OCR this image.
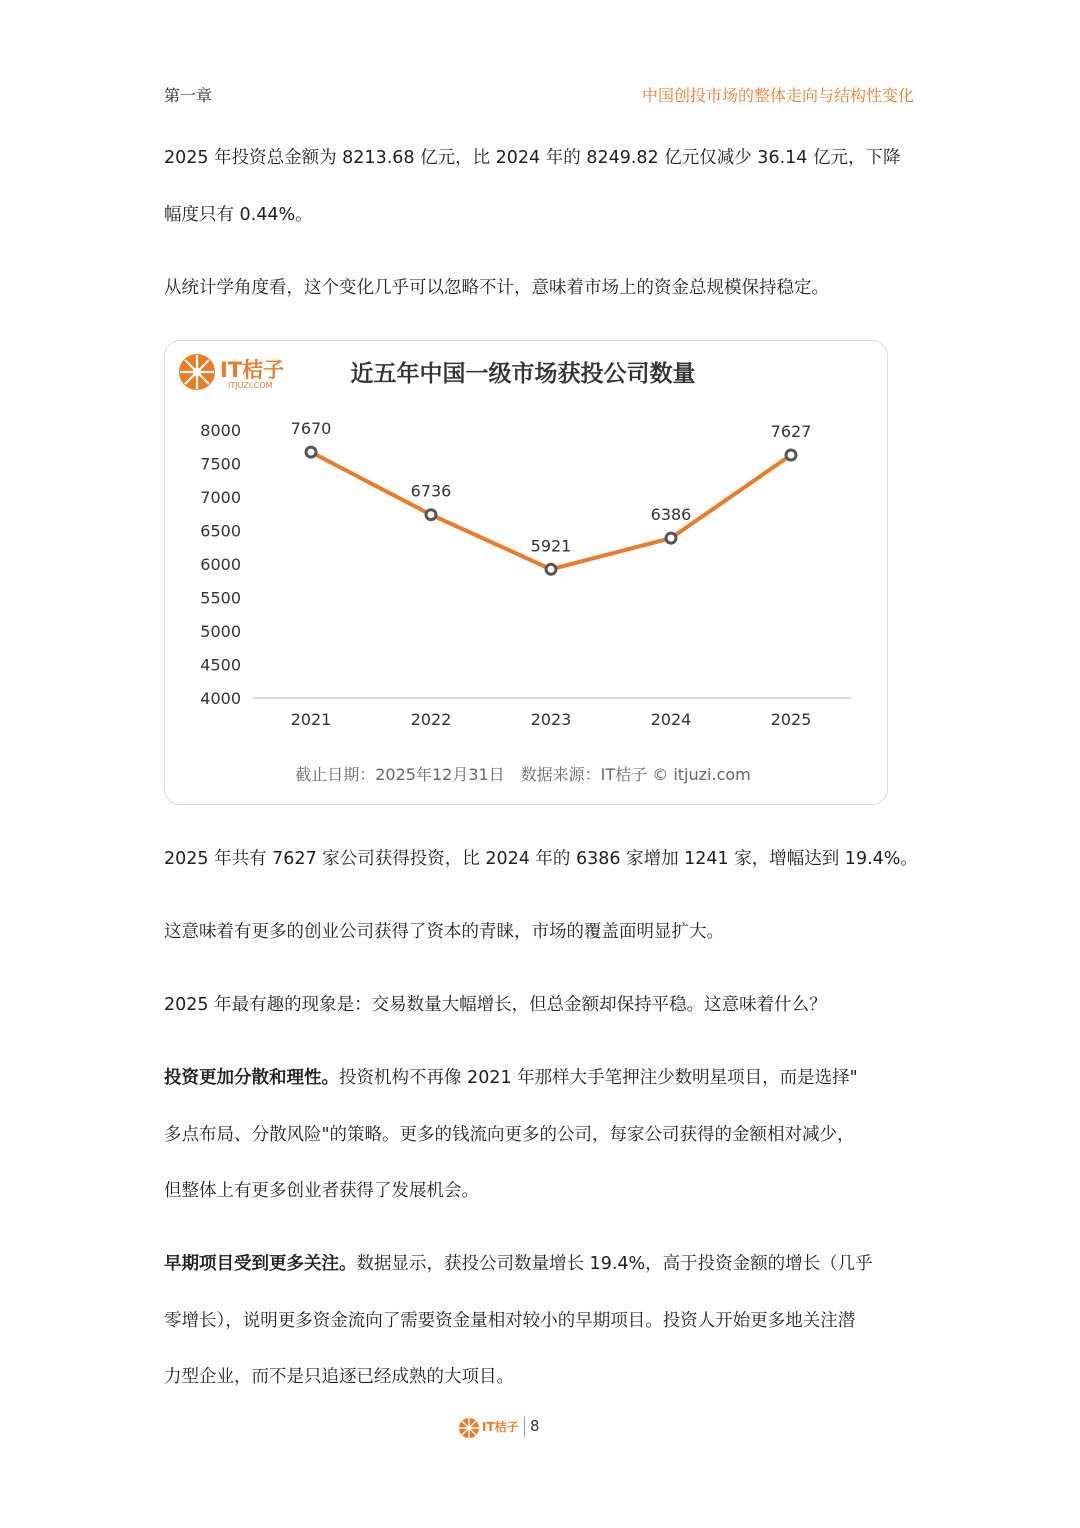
第一章	中国创投市场的整体走向与结构性变化
2025 年投资总金额为 8213.68 亿元，比 2024 年的 8249.82 亿元仅减少 36.14 亿元，下降
幅度只有 0.44%。
从统计学角度看，这个变化几乎可以忽略不计，意味着市场上的资金总规模保持稳定。
IT桔子
ITJUZI.COM	近五年中国一级市场获投公司数量
8000
7500
7000
6500
6000
5500
5000
4500
4000
2021	2022	2023	2024	2025
7670
6736
5921
6386
7627
截止日期：2025年12月31日　数据来源：IT桔子 © itjuzi.com
2025 年共有 7627 家公司获得投资，比 2024 年的 6386 家增加 1241 家，增幅达到 19.4%。
这意味着有更多的创业公司获得了资本的青睐，市场的覆盖面明显扩大。
2025 年最有趣的现象是：交易数量大幅增长，但总金额却保持平稳。这意味着什么？
投资更加分散和理性。投资机构不再像 2021 年那样大手笔押注少数明星项目，而是选择"
多点布局、分散风险"的策略。更多的钱流向更多的公司，每家公司获得的金额相对减少，
但整体上有更多创业者获得了发展机会。
早期项目受到更多关注。数据显示，获投公司数量增长 19.4%，高于投资金额的增长（几乎
零增长），说明更多资金流向了需要资金量相对较小的早期项目。投资人开始更多地关注潜
力型企业，而不是只追逐已经成熟的大项目。
IT桔子 8
